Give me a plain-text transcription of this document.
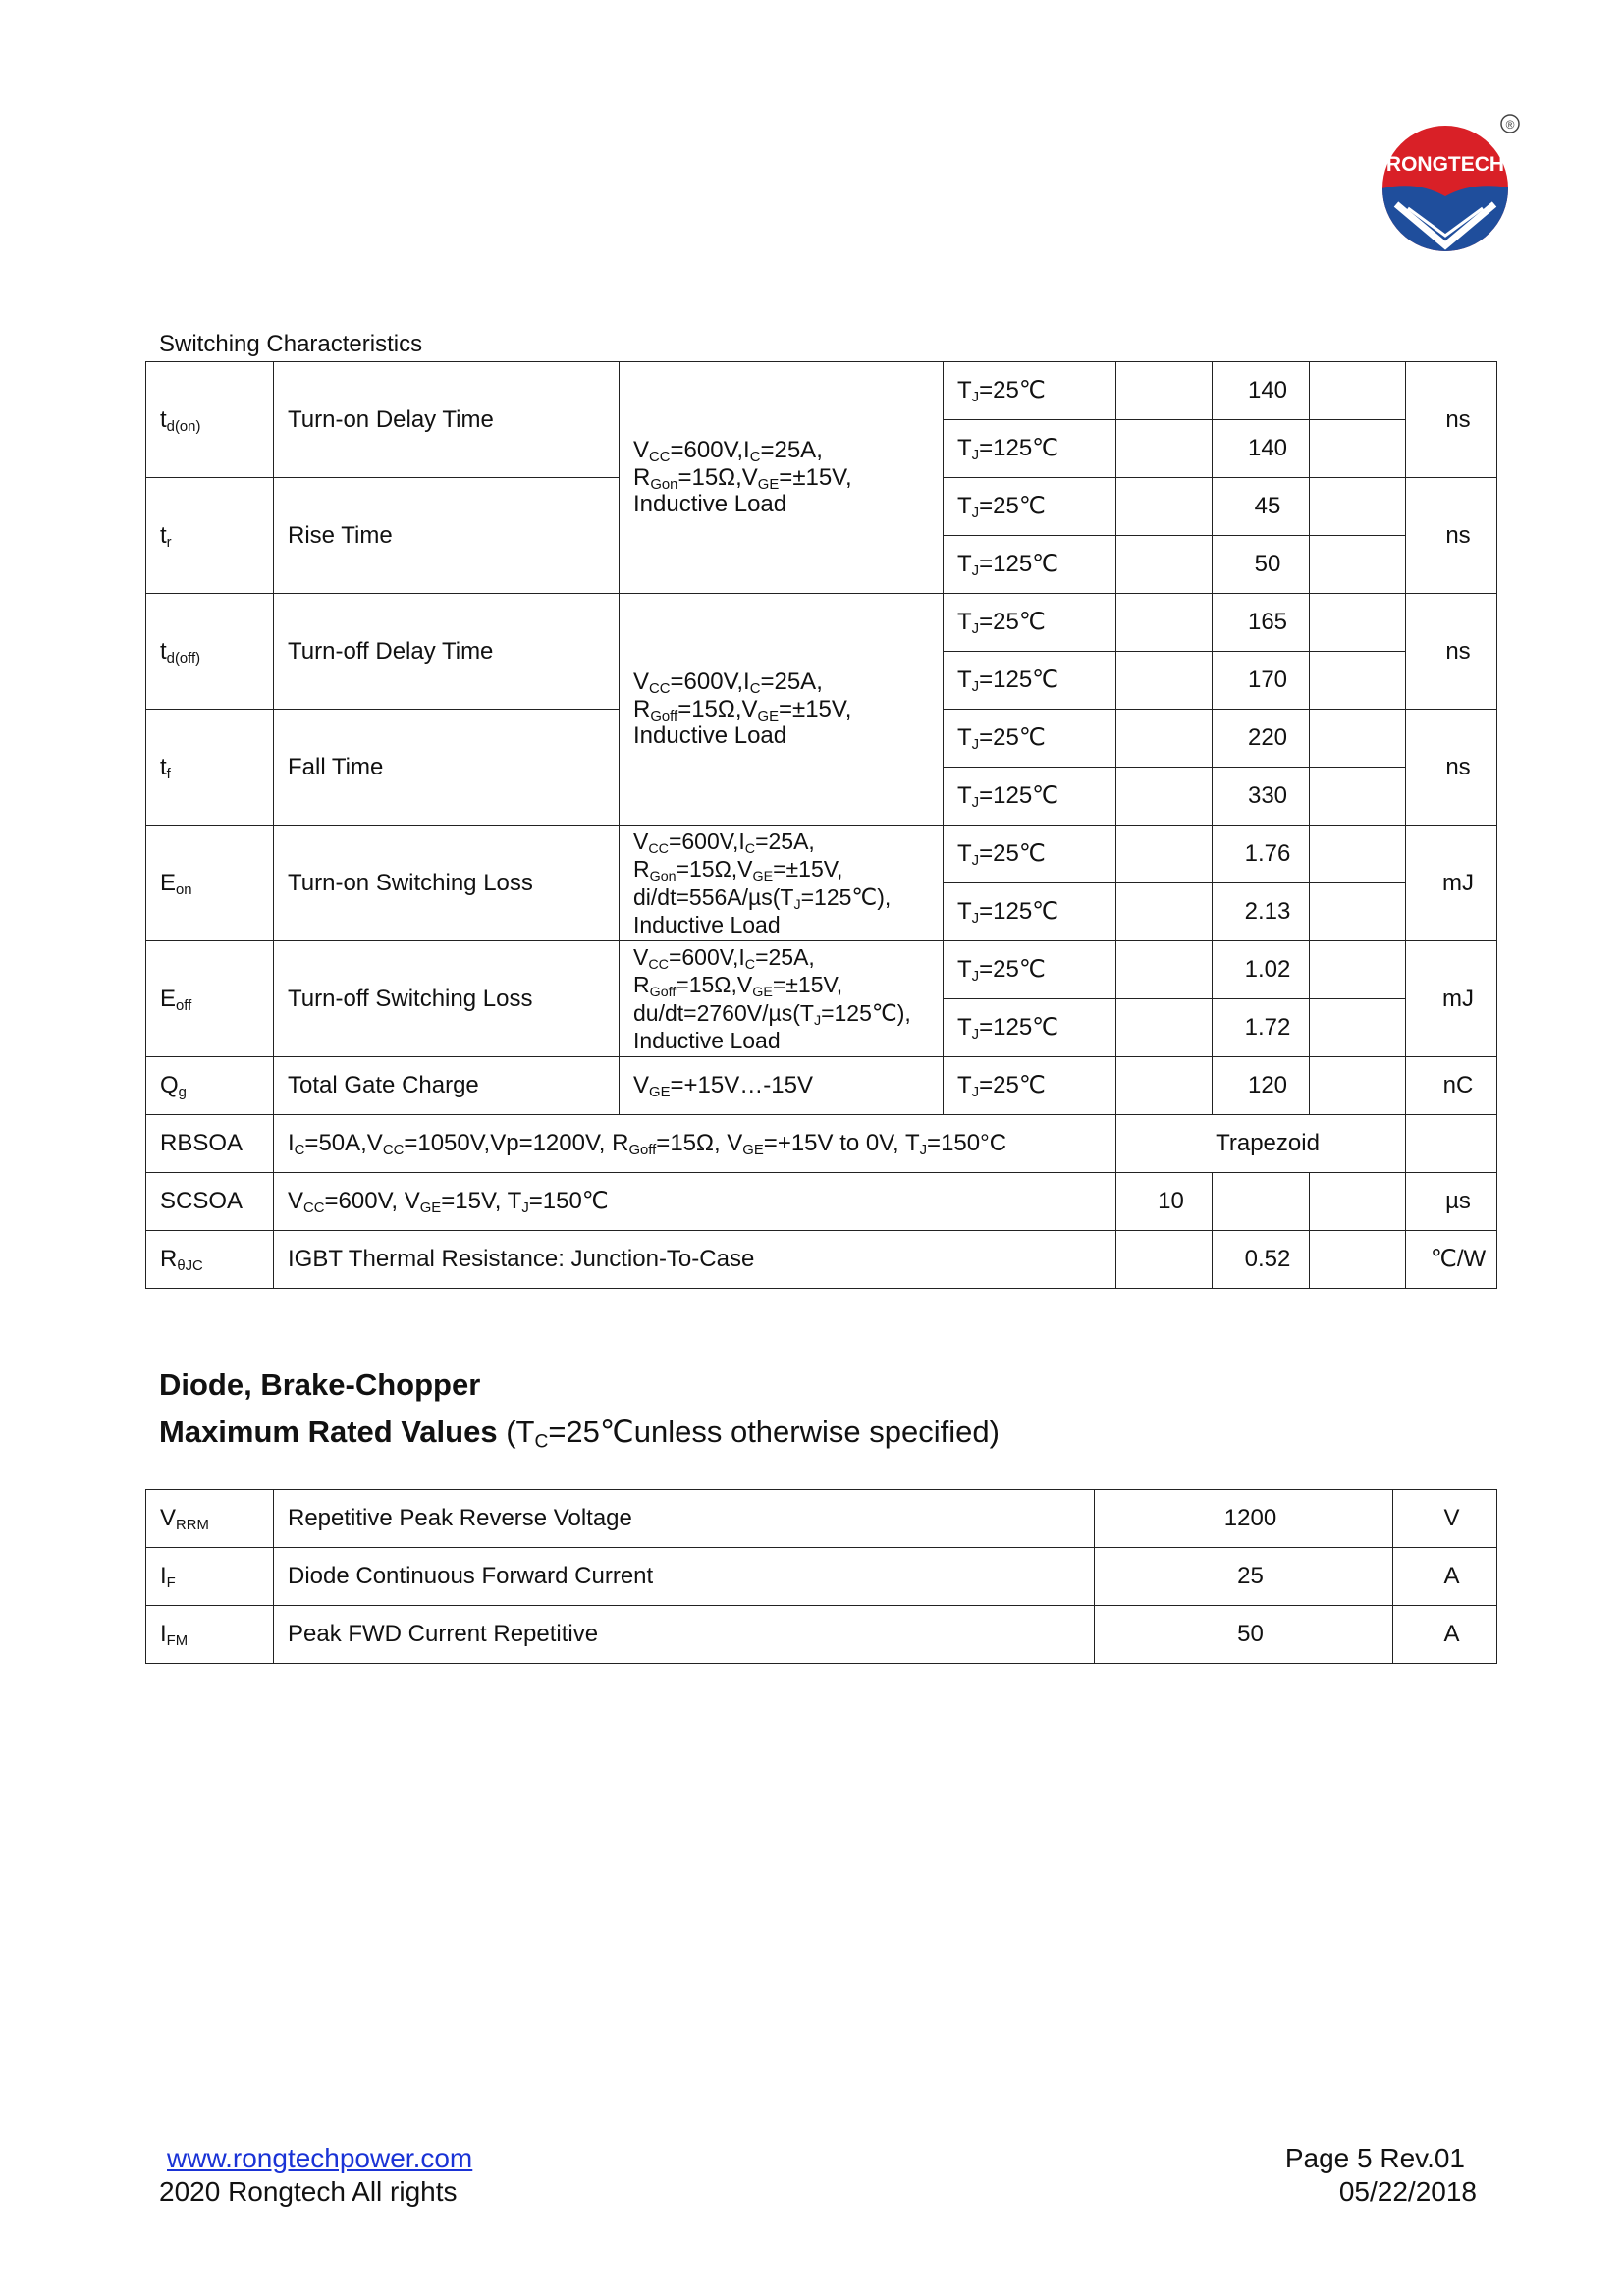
RONGTECH
®
Switching Characteristics
$t_{d(on)}$	Turn-on Delay Time	$V_{CC}=600V,I_C=25A$,
$R_{Gon}=15\Omega,V_{GE}=\pm 15V$,
Inductive Load	$T_J=25℃$		140		ns
			$T_J=125℃$		140		
$t_r$	Rise Time		$T_J=25℃$		45		ns
			$T_J=125℃$		50		
$t_{d(off)}$	Turn-off Delay Time	$V_{CC}=600V,I_C=25A$,
$R_{Goff}=15\Omega,V_{GE}=\pm 15V$,
Inductive Load	$T_J=25℃$		165		ns
			$T_J=125℃$		170		
$t_f$	Fall Time		$T_J=25℃$		220		ns
			$T_J=125℃$		330		
$E_{on}$	Turn-on Switching Loss	$V_{CC}=600V,I_C=25A$,
$R_{Gon}=15\Omega,V_{GE}=\pm 15V$,
$di/dt=556A/\mu s(T_J=125℃)$,
Inductive Load	$T_J=25℃$		1.76		mJ
			$T_J=125℃$		2.13		
$E_{off}$	Turn-off Switching Loss	$V_{CC}=600V,I_C=25A$,
$R_{Goff}=15\Omega,V_{GE}=\pm 15V$,
$du/dt=2760V/\mu s(T_J=125℃)$,
Inductive Load	$T_J=25℃$		1.02		mJ
			$T_J=125℃$		1.72		
$Q_g$	Total Gate Charge	$V_{GE}=+15V\dots-15V$	$T_J=25℃$		120		nC
RBSOA	$I_C=50A,V_{CC}=1050V,Vp=1200V$, $R_{Goff}=15\Omega$, $V_{GE}=+15V$ to 0V, $T_J=150^\circ C$			Trapezoid			
SCSOA	$V_{CC}=600V$, $V_{GE}=15V$, $T_J=150℃$			10			µs
$R_{\theta JC}$	IGBT Thermal Resistance: Junction-To-Case				0.52		℃/W
Diode, Brake-Chopper
Maximum Rated Values ($T_C=25℃unless$ otherwise specified)
$V_{RRM}$	Repetitive Peak Reverse Voltage	1200	V
$I_F$	Diode Continuous Forward Current	25	A
$I_{FM}$	Peak FWD Current Repetitive	50	A
www.rongtechpower.com
2020 Rongtech All rights
Page 5 Rev.01
05/22/2018
